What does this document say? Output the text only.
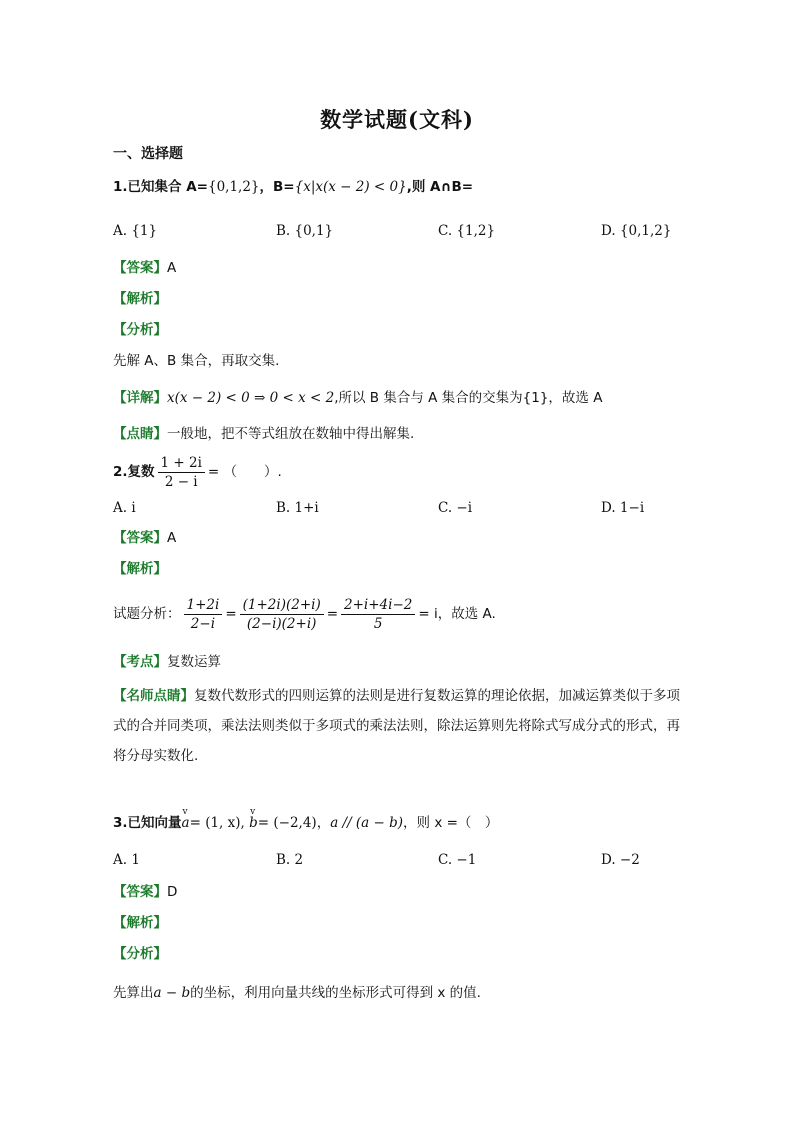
数学试题(文科)
一、选择题
1.已知集合 A={0,1,2}，B={x|x(x − 2) < 0},则 A∩B=
A. {1}	B. {0,1}	C. {1,2}	D. {0,1,2}
【答案】A
【解析】
【分析】
先解 A、B 集合，再取交集.
【详解】x(x − 2) < 0 ⇒ 0 < x < 2,所以 B 集合与 A 集合的交集为{1}，故选 A
【点睛】一般地，把不等式组放在数轴中得出解集.
2.复数 $\frac{1 + 2i}{2 - i}$ = （　　）.
A. i	B. 1+i	C. −i	D. 1−i
【答案】A
【解析】
试题分析： $\frac{1+2i}{2-i} = \frac{(1+2i)(2+i)}{(2-i)(2+i)} = \frac{2+i+4i-2}{5} = i$，故选 A.
【考点】复数运算
【名师点睛】复数代数形式的四则运算的法则是进行复数运算的理论依据，加减运算类似于多项式的合并同类项，乘法法则类似于多项式的乘法法则，除法运算则先将除式写成分式的形式，再将分母实数化.
3.已知向量v a= (1, x), v b= (−2,4)，a // (a − b)，则 x =（　）
A. 1	B. 2	C. −1	D. −2
【答案】D
【解析】
【分析】
先算出a − b的坐标，利用向量共线的坐标形式可得到 x 的值.
